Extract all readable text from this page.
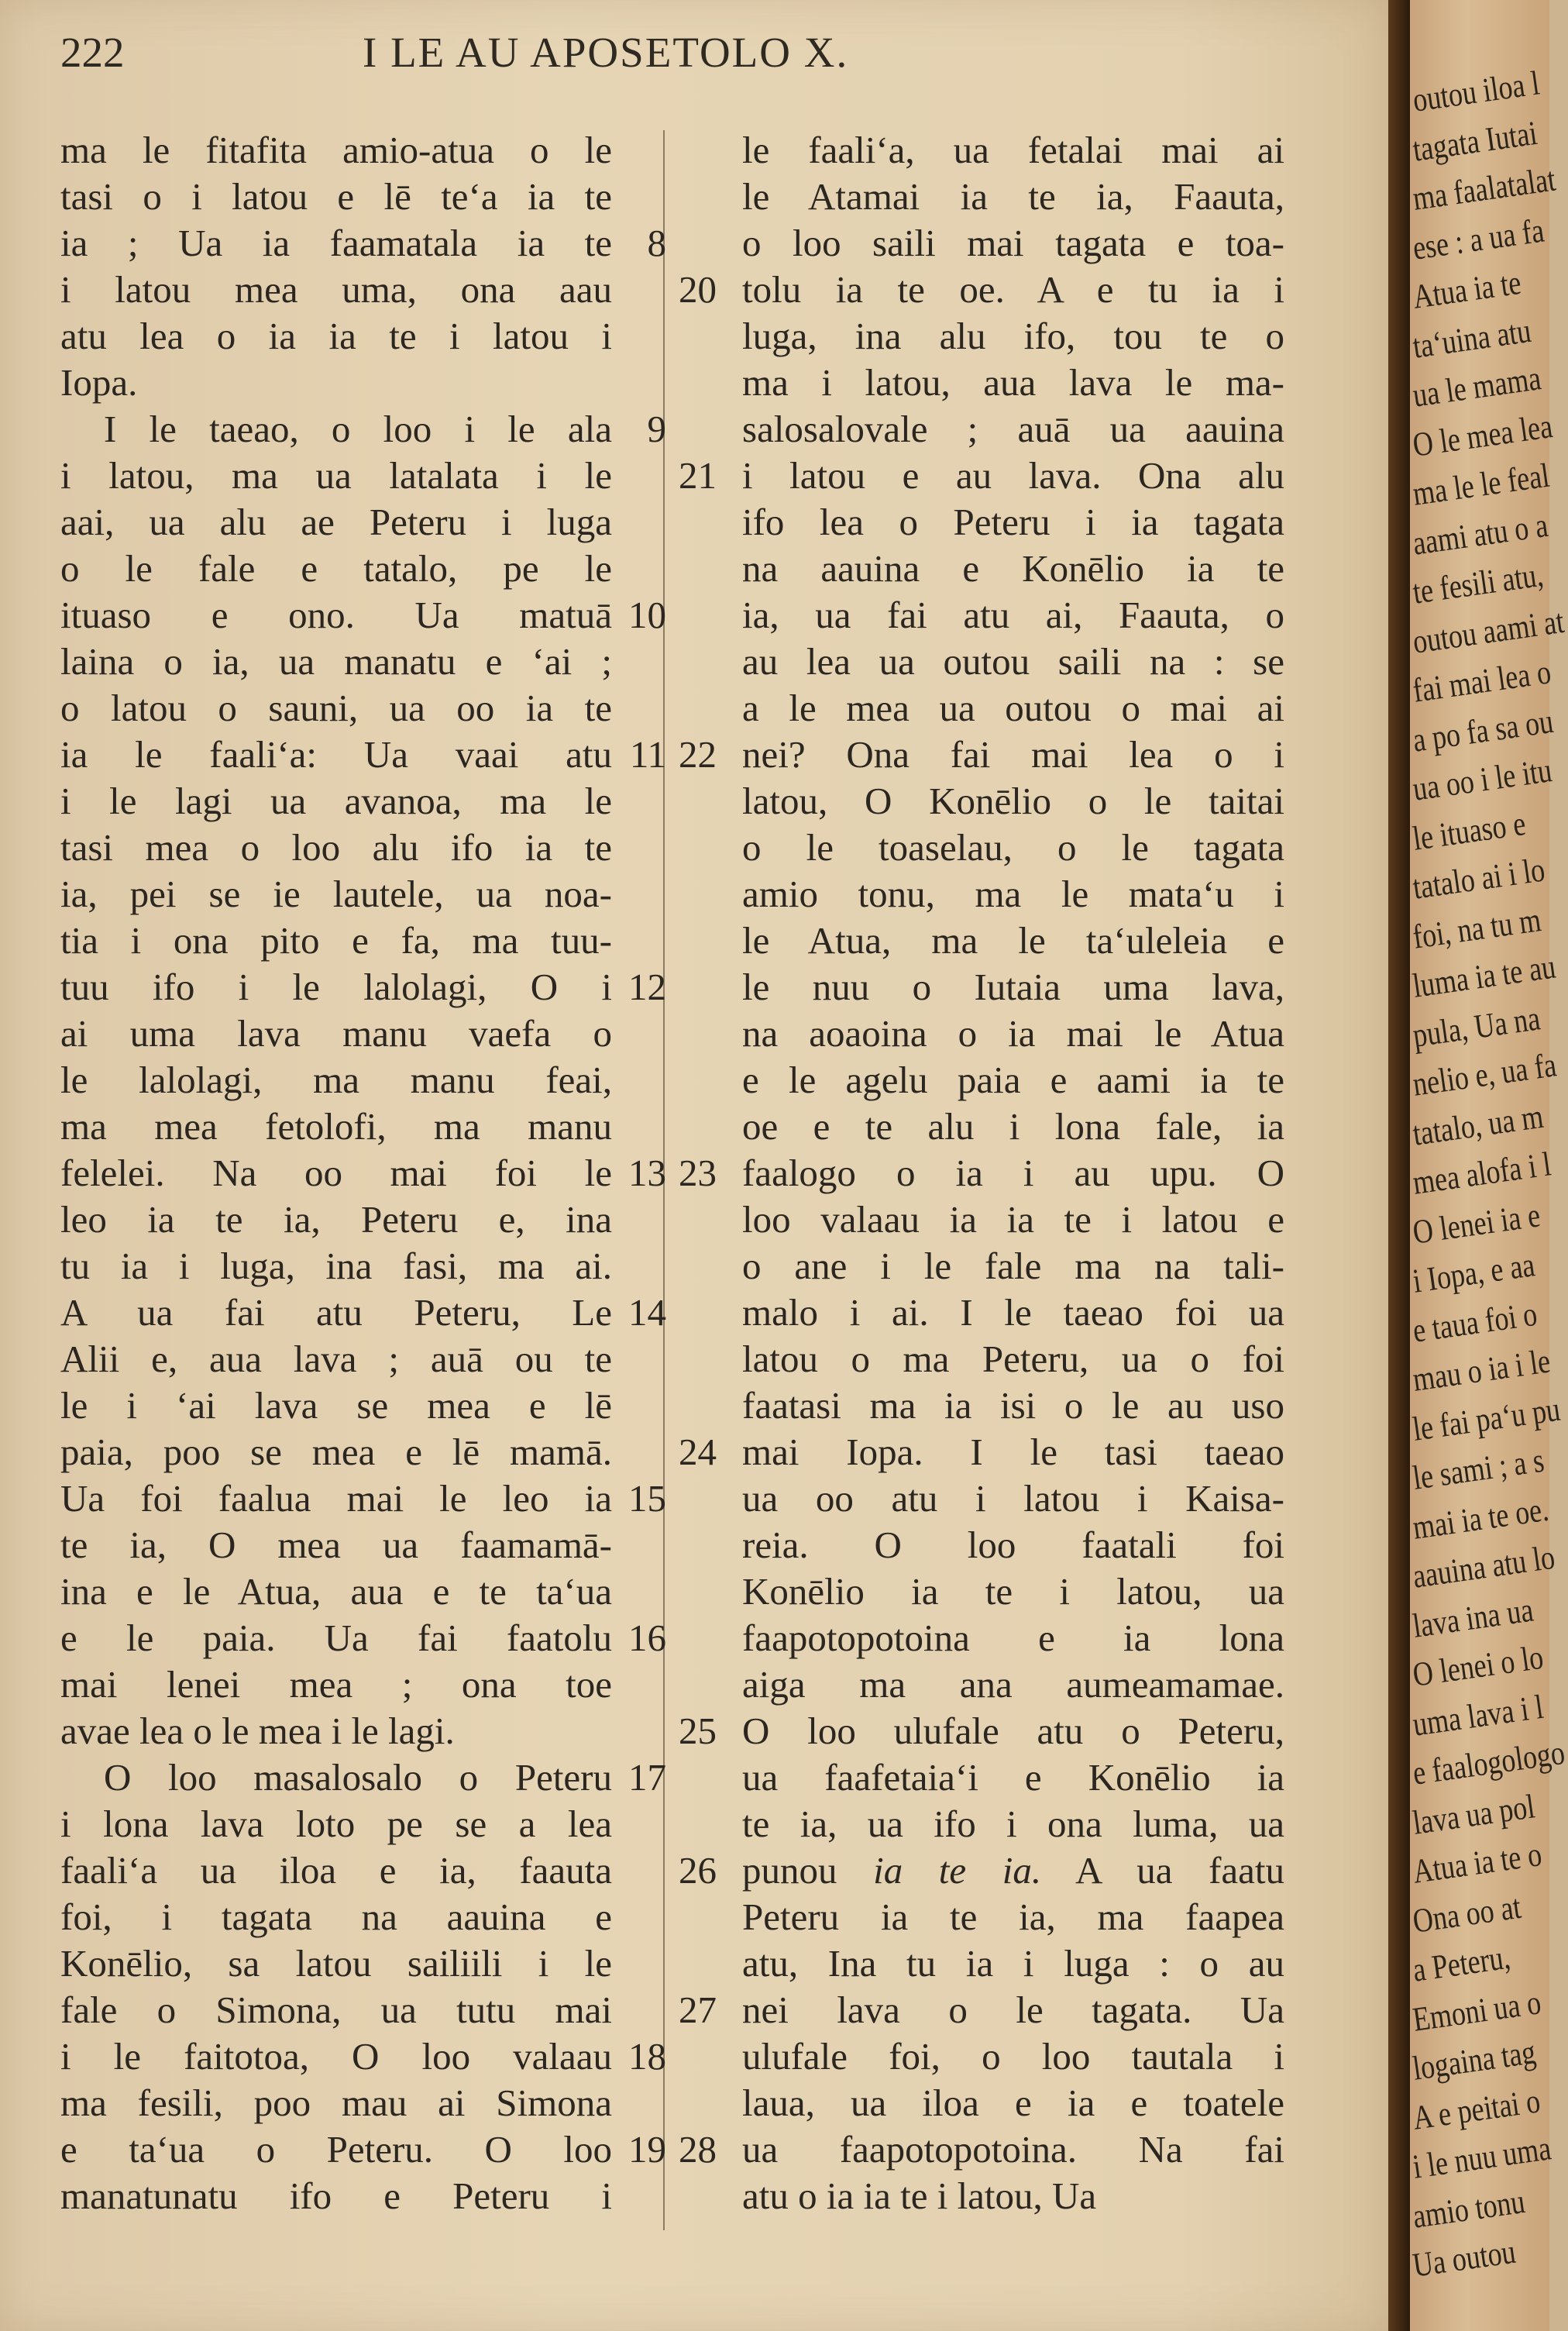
222	I LE AU APOSETOLO X.
ma le fitafita amio-atua o le
tasi o i latou e lē te‘a ia te
ia ; Ua ia faamatala ia te 8
i latou mea uma, ona aau
atu lea o ia ia te i latou i
Iopa.
I le taeao, o loo i le ala 9
i latou, ma ua latalata i le
aai, ua alu ae Peteru i luga
o le fale e tatalo, pe le
ituaso e ono. Ua matuā 10
laina o ia, ua manatu e ‘ai ;
o latou o sauni, ua oo ia te
ia le faali‘a: Ua vaai atu 11
i le lagi ua avanoa, ma le
tasi mea o loo alu ifo ia te
ia, pei se ie lautele, ua noa-
tia i ona pito e fa, ma tuu-
tuu ifo i le lalolagi, O i 12
ai uma lava manu vaefa o
le lalolagi, ma manu feai,
ma mea fetolofi, ma manu
felelei. Na oo mai foi le 13
leo ia te ia, Peteru e, ina
tu ia i luga, ina fasi, ma ai.
A ua fai atu Peteru, Le 14
Alii e, aua lava ; auā ou te
le i ‘ai lava se mea e lē
paia, poo se mea e lē mamā.
Ua foi faalua mai le leo ia 15
te ia, O mea ua faamamā-
ina e le Atua, aua e te ta‘ua
e le paia. Ua fai faatolu 16
mai lenei mea ; ona toe
avae lea o le mea i le lagi.
O loo masalosalo o Peteru 17
i lona lava loto pe se a lea
faali‘a ua iloa e ia, faauta
foi, i tagata na aauina e
Konēlio, sa latou sailiili i le
fale o Simona, ua tutu mai
i le faitotoa, O loo valaau 18
ma fesili, poo mau ai Simona
e ta‘ua o Peteru. O loo 19
manatunatu ifo e Peteru i
le faali‘a, ua fetalai mai ai
le Atamai ia te ia, Faauta,
o loo saili mai tagata e toa-
20 tolu ia te oe. A e tu ia i
luga, ina alu ifo, tou te o
ma i latou, aua lava le ma-
salosalovale ; auā ua aauina
21 i latou e au lava. Ona alu
ifo lea o Peteru i ia tagata
na aauina e Konēlio ia te
ia, ua fai atu ai, Faauta, o
au lea ua outou saili na : se
a le mea ua outou o mai ai
22 nei? Ona fai mai lea o i
latou, O Konēlio o le taitai
o le toaselau, o le tagata
amio tonu, ma le mata‘u i
le Atua, ma le ta‘uleleia e
le nuu o Iutaia uma lava,
na aoaoina o ia mai le Atua
e le agelu paia e aami ia te
oe e te alu i lona fale, ia
23 faalogo o ia i au upu. O
loo valaau ia ia te i latou e
o ane i le fale ma na tali-
malo i ai. I le taeao foi ua
latou o ma Peteru, ua o foi
faatasi ma ia isi o le au uso
24 mai Iopa. I le tasi taeao
ua oo atu i latou i Kaisa-
reia. O loo faatali foi
Konēlio ia te i latou, ua
faapotopotoina e ia lona
aiga ma ana aumeamamae.
25 O loo ulufale atu o Peteru,
ua faafetaia‘i e Konēlio ia
te ia, ua ifo i ona luma, ua
26 punou ia te ia. A ua faatu
Peteru ia te ia, ma faapea
atu, Ina tu ia i luga : o au
27 nei lava o le tagata. Ua
ulufale foi, o loo tautala i
laua, ua iloa e ia e toatele
28 ua faapotopotoina. Na fai
atu o ia ia te i latou, Ua
outou iloa l
tagata Iutai
ma faalatalat
ese : a ua fa
Atua ia te
ta‘uina atu
ua le mama
O le mea lea
ma le le feal
aami atu o a
te fesili atu,
outou aami at
fai mai lea o
a po fa sa ou
ua oo i le itu
le ituaso e
tatalo ai i lo
foi, na tu m
luma ia te au
pula, Ua na
nelio e, ua fa
tatalo, ua m
mea alofa i l
O lenei ia e
i Iopa, e aa
e taua foi o
mau o ia i le
le fai pa‘u pu
le sami ; a s
mai ia te oe.
aauina atu lo
lava ina ua
O lenei o lo
uma lava i l
e faalogologo
lava ua pol
Atua ia te o
Ona oo at
a Peteru,
Emoni ua o
logaina tag
A e peitai o
i le nuu uma
amio tonu
Ua outou
